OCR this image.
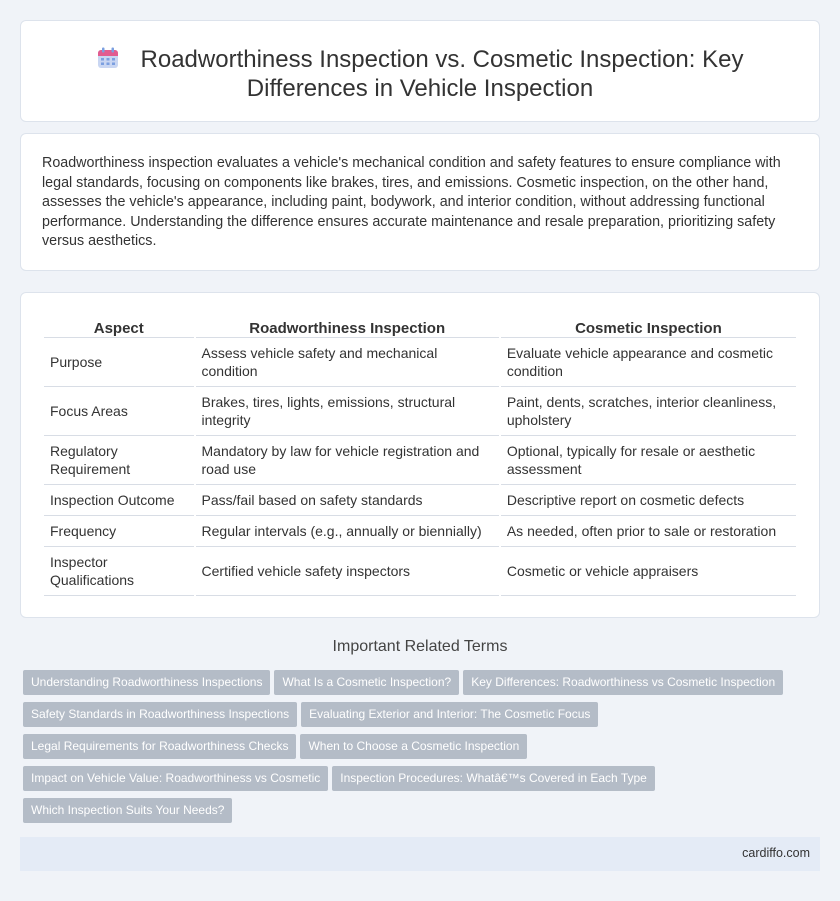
Roadworthiness Inspection vs. Cosmetic Inspection: Key
Differences in Vehicle Inspection

Roadworthiness inspection evaluates a vehicle's mechanical condition and safety features to ensure compliance with legal standards, focusing on components like brakes, tires, and emissions. Cosmetic inspection, on the other hand, assesses the vehicle's appearance, including paint, bodywork, and interior condition, without addressing functional performance. Understanding the difference ensures accurate maintenance and resale preparation, prioritizing safety versus aesthetics.

Aspect	Roadworthiness Inspection	Cosmetic Inspection
Purpose	Assess vehicle safety and mechanical condition	Evaluate vehicle appearance and cosmetic condition
Focus Areas	Brakes, tires, lights, emissions, structural integrity	Paint, dents, scratches, interior cleanliness, upholstery
Regulatory Requirement	Mandatory by law for vehicle registration and road use	Optional, typically for resale or aesthetic assessment
Inspection Outcome	Pass/fail based on safety standards	Descriptive report on cosmetic defects
Frequency	Regular intervals (e.g., annually or biennially)	As needed, often prior to sale or restoration
Inspector Qualifications	Certified vehicle safety inspectors	Cosmetic or vehicle appraisers
Important Related Terms
Understanding Roadworthiness Inspections What Is a Cosmetic Inspection? Key Differences: Roadworthiness vs Cosmetic Inspection
Safety Standards in Roadworthiness Inspections Evaluating Exterior and Interior: The Cosmetic Focus
Legal Requirements for Roadworthiness Checks When to Choose a Cosmetic Inspection
Impact on Vehicle Value: Roadworthiness vs Cosmetic Inspection Procedures: Whatâ€™s Covered in Each Type
Which Inspection Suits Your Needs?
cardiffo.com
